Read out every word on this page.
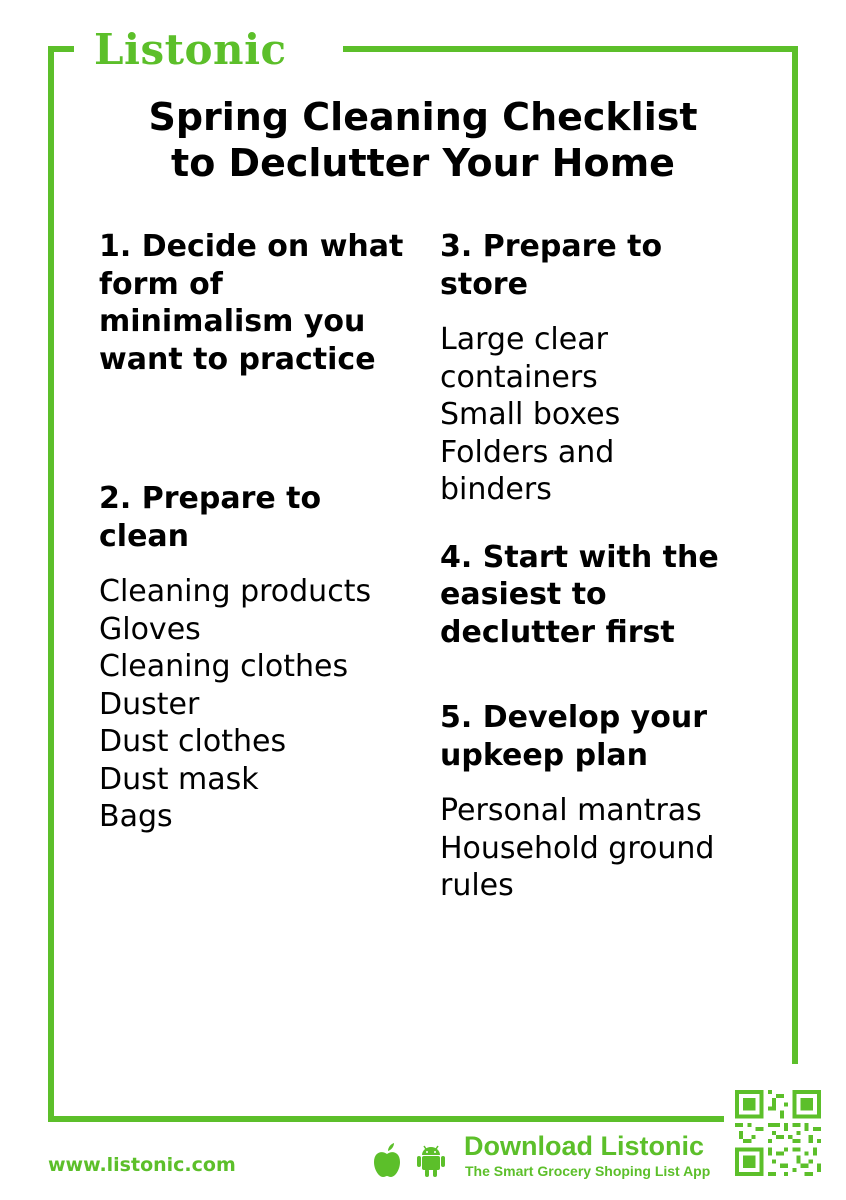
Listonic
Spring Cleaning Checklist
to Declutter Your Home

1. Decide on what form of minimalism you want to practice

2. Prepare to clean

Cleaning products
Gloves
Cleaning clothes
Duster
Dust clothes
Dust mask
Bags

3. Prepare to store

Large clear containers
Small boxes
Folders and binders

4. Start with the easiest to declutter first

5. Develop your upkeep plan

Personal mantras
Household ground rules
www.listonic.com
Download Listonic
The Smart Grocery Shoping List App
